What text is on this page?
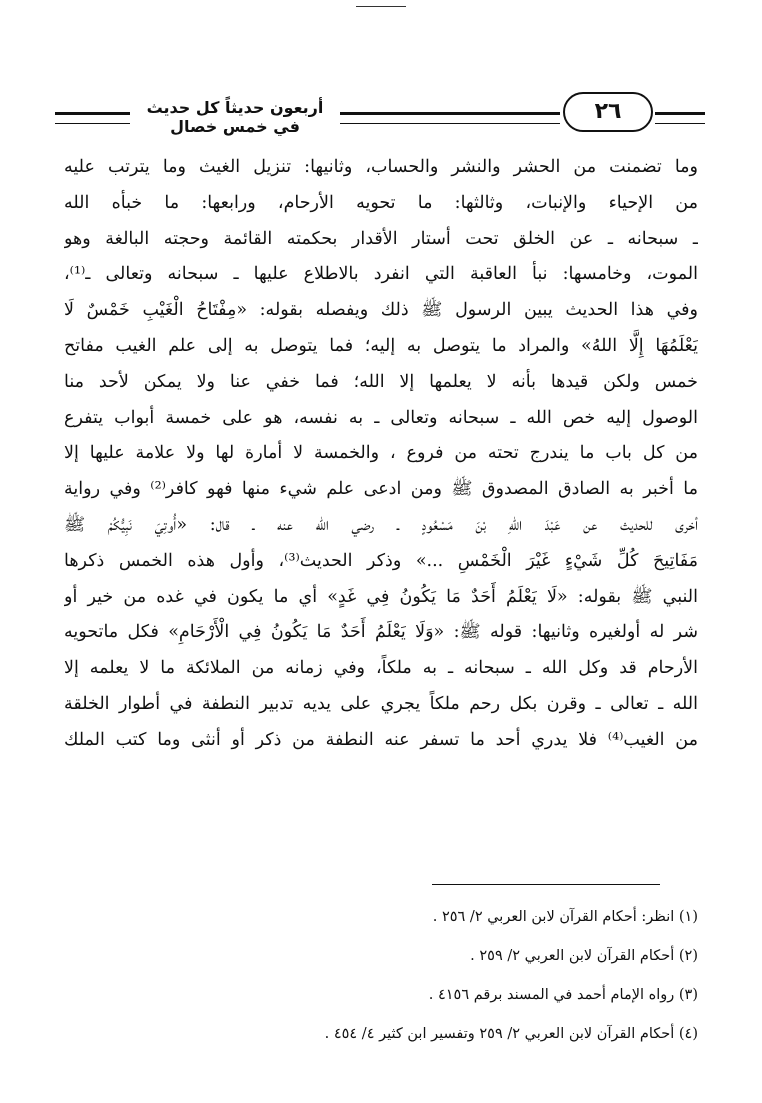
أربعون حديثاً كل حديث في خمس خصال
٢٦
وما تضمنت من الحشر والنشر والحساب، وثانيها: تنزيل الغيث وما يترتب عليه
من الإحياء والإنبات، وثالثها: ما تحويه الأرحام، ورابعها: ما خبأه الله
ـ سبحانه ـ عن الخلق تحت أستار الأقدار بحكمته القائمة وحجته البالغة وهو
الموت، وخامسها: نبأ العاقبة التي انفرد بالاطلاع عليها ـ سبحانه وتعالى ـ⁽¹⁾،
وفي هذا الحديث يبين الرسول ﷺ ذلك ويفصله بقوله: «مِفْتَاحُ الْغَيْبِ خَمْسٌ لَا
يَعْلَمُهَا إِلَّا اللهُ» والمراد ما يتوصل به إليه؛ فما يتوصل به إلى علم الغيب مفاتح
خمس ولكن قيدها بأنه لا يعلمها إلا الله؛ فما خفي عنا ولا يمكن لأحد منا
الوصول إليه خص الله ـ سبحانه وتعالى ـ به نفسه، هو على خمسة أبواب يتفرع
من كل باب ما يندرج تحته من فروع ، والخمسة لا أمارة لها ولا علامة عليها إلا
ما أخبر به الصادق المصدوق ﷺ ومن ادعى علم شيء منها فهو كافر⁽²⁾ وفي رواية
أخرى للحديث عن عَبْدَ اللهِ بْنَ مَسْعُودٍ ـ رضي الله عنه ـ قال: «أُوتِيَ نَبِيُّكُمْ ﷺ
مَفَاتِيحَ كُلِّ شَيْءٍ غَيْرَ الْخَمْسِ ...» وذكر الحديث⁽³⁾، وأول هذه الخمس ذكرها
النبي ﷺ بقوله: «لَا يَعْلَمُ أَحَدٌ مَا يَكُونُ فِي غَدٍ» أي ما يكون في غده من خير أو
شر له أولغيره وثانيها: قوله ﷺ: «وَلَا يَعْلَمُ أَحَدٌ مَا يَكُونُ فِي الْأَرْحَامِ» فكل ماتحويه
الأرحام قد وكل الله ـ سبحانه ـ به ملكاً، وفي زمانه من الملائكة ما لا يعلمه إلا
الله ـ تعالى ـ وقرن بكل رحم ملكاً يجري على يديه تدبير النطفة في أطوار الخلقة
من الغيب⁽⁴⁾ فلا يدري أحد ما تسفر عنه النطفة من ذكر أو أنثى وما كتب الملك
(١) انظر: أحكام القرآن لابن العربي ٢/ ٢٥٦ .
(٢) أحكام القرآن لابن العربي ٢/ ٢٥٩ .
(٣) رواه الإمام أحمد في المسند برقم ٤١٥٦ .
(٤) أحكام القرآن لابن العربي ٢/ ٢٥٩ وتفسير ابن كثير ٤/ ٤٥٤ .
